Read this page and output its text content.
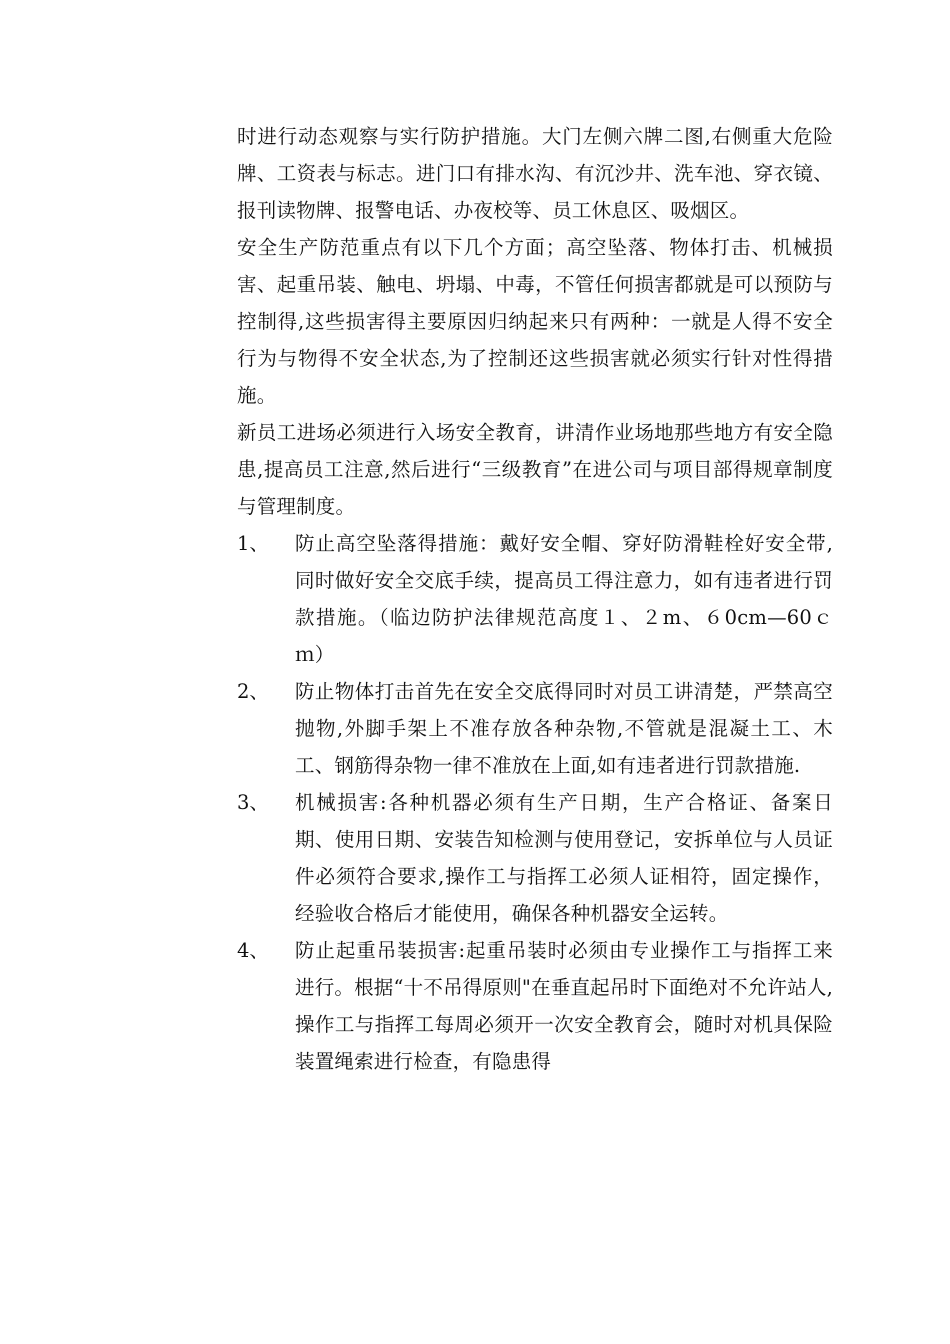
时进行动态观察与实行防护措施。大门左侧六牌二图,右侧重大危险牌、工资表与标志。进门口有排水沟、有沉沙井、洗车池、穿衣镜、报刊读物牌、报警电话、办夜校等、员工休息区、吸烟区。

安全生产防范重点有以下几个方面；高空坠落、物体打击、机械损害、起重吊装、触电、坍塌、中毒，不管任何损害都就是可以预防与控制得,这些损害得主要原因归纳起来只有两种：一就是人得不安全行为与物得不安全状态,为了控制还这些损害就必须实行针对性得措施。

新员工进场必须进行入场安全教育，讲清作业场地那些地方有安全隐患,提高员工注意,然后进行“三级教育”在进公司与项目部得规章制度与管理制度。

1、	防止高空坠落得措施：戴好安全帽、穿好防滑鞋栓好安全带,同时做好安全交底手续，提高员工得注意力，如有违者进行罚款措施。（临边防护法律规范高度１、２m、６0cm—60ｃｍ）

2、	防止物体打击首先在安全交底得同时对员工讲清楚，严禁高空抛物,外脚手架上不准存放各种杂物,不管就是混凝土工、木工、钢筋得杂物一律不准放在上面,如有违者进行罚款措施.

3、	机械损害:各种机器必须有生产日期，生产合格证、备案日期、使用日期、安装告知检测与使用登记，安拆单位与人员证件必须符合要求,操作工与指挥工必须人证相符，固定操作，经验收合格后才能使用，确保各种机器安全运转。

4、	防止起重吊装损害:起重吊装时必须由专业操作工与指挥工来进行。根据“十不吊得原则"在垂直起吊时下面绝对不允许站人,操作工与指挥工每周必须开一次安全教育会，随时对机具保险装置绳索进行检查，有隐患得
